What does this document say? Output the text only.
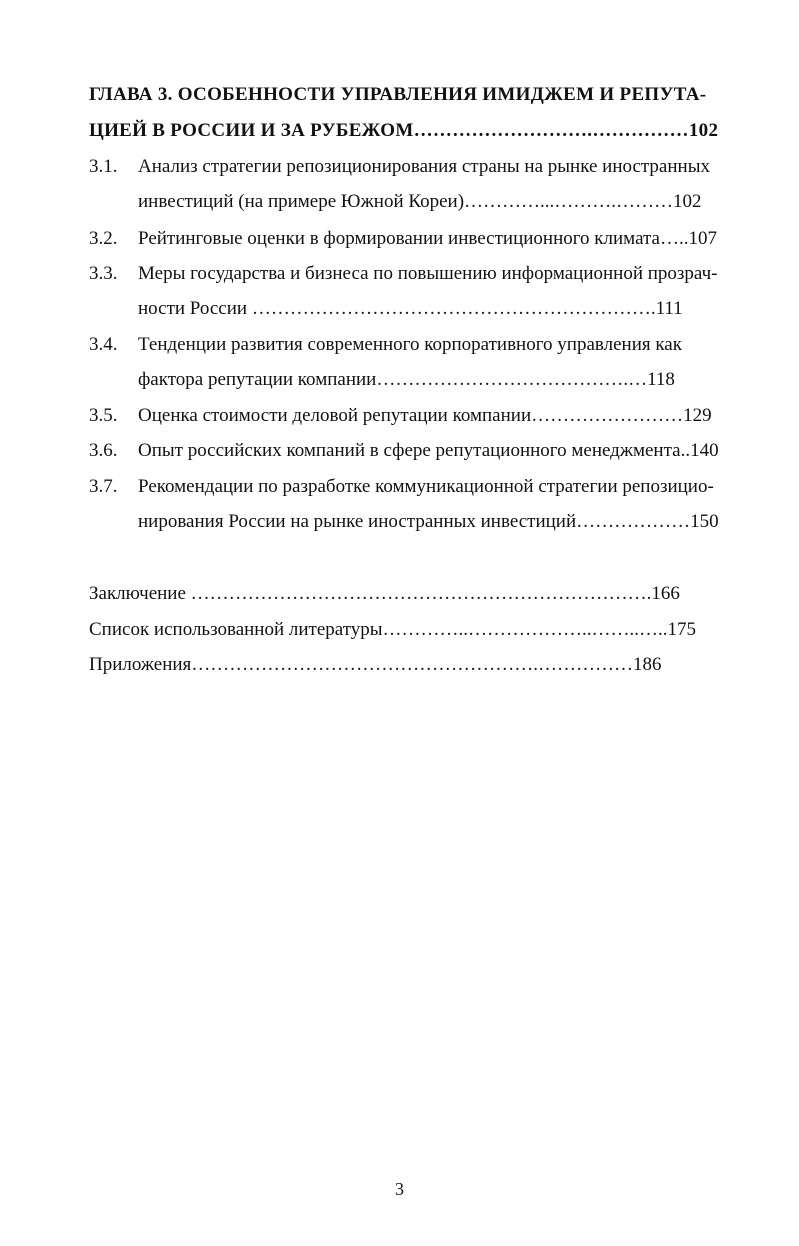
ГЛАВА 3. ОСОБЕННОСТИ УПРАВЛЕНИЯ ИМИДЖЕМ И РЕПУТА-
ЦИЕЙ В РОССИИ И ЗА РУБЕЖОМ……………………….……………102
3.1. Анализ стратегии репозиционирования страны на рынке иностранных
инвестиций (на примере Южной Кореи)…………...……….………102
3.2. Рейтинговые оценки в формировании инвестиционного климата…..107
3.3. Меры государства и бизнеса по повышению информационной прозрач-
ности России ……………………………………………………….111
3.4. Тенденции развития современного корпоративного управления как
фактора репутации компании………………………………….…118
3.5. Оценка стоимости деловой репутации компании……………………129
3.6. Опыт российских компаний в сфере репутационного менеджмента..140
3.7. Рекомендации по разработке коммуникационной стратегии репозицио-
нирования России на рынке иностранных инвестиций………………150
Заключение ……………………………………………………………….166
Список использованной литературы…………..………………..……..…..175
Приложения……………………………………………….……………186
3
